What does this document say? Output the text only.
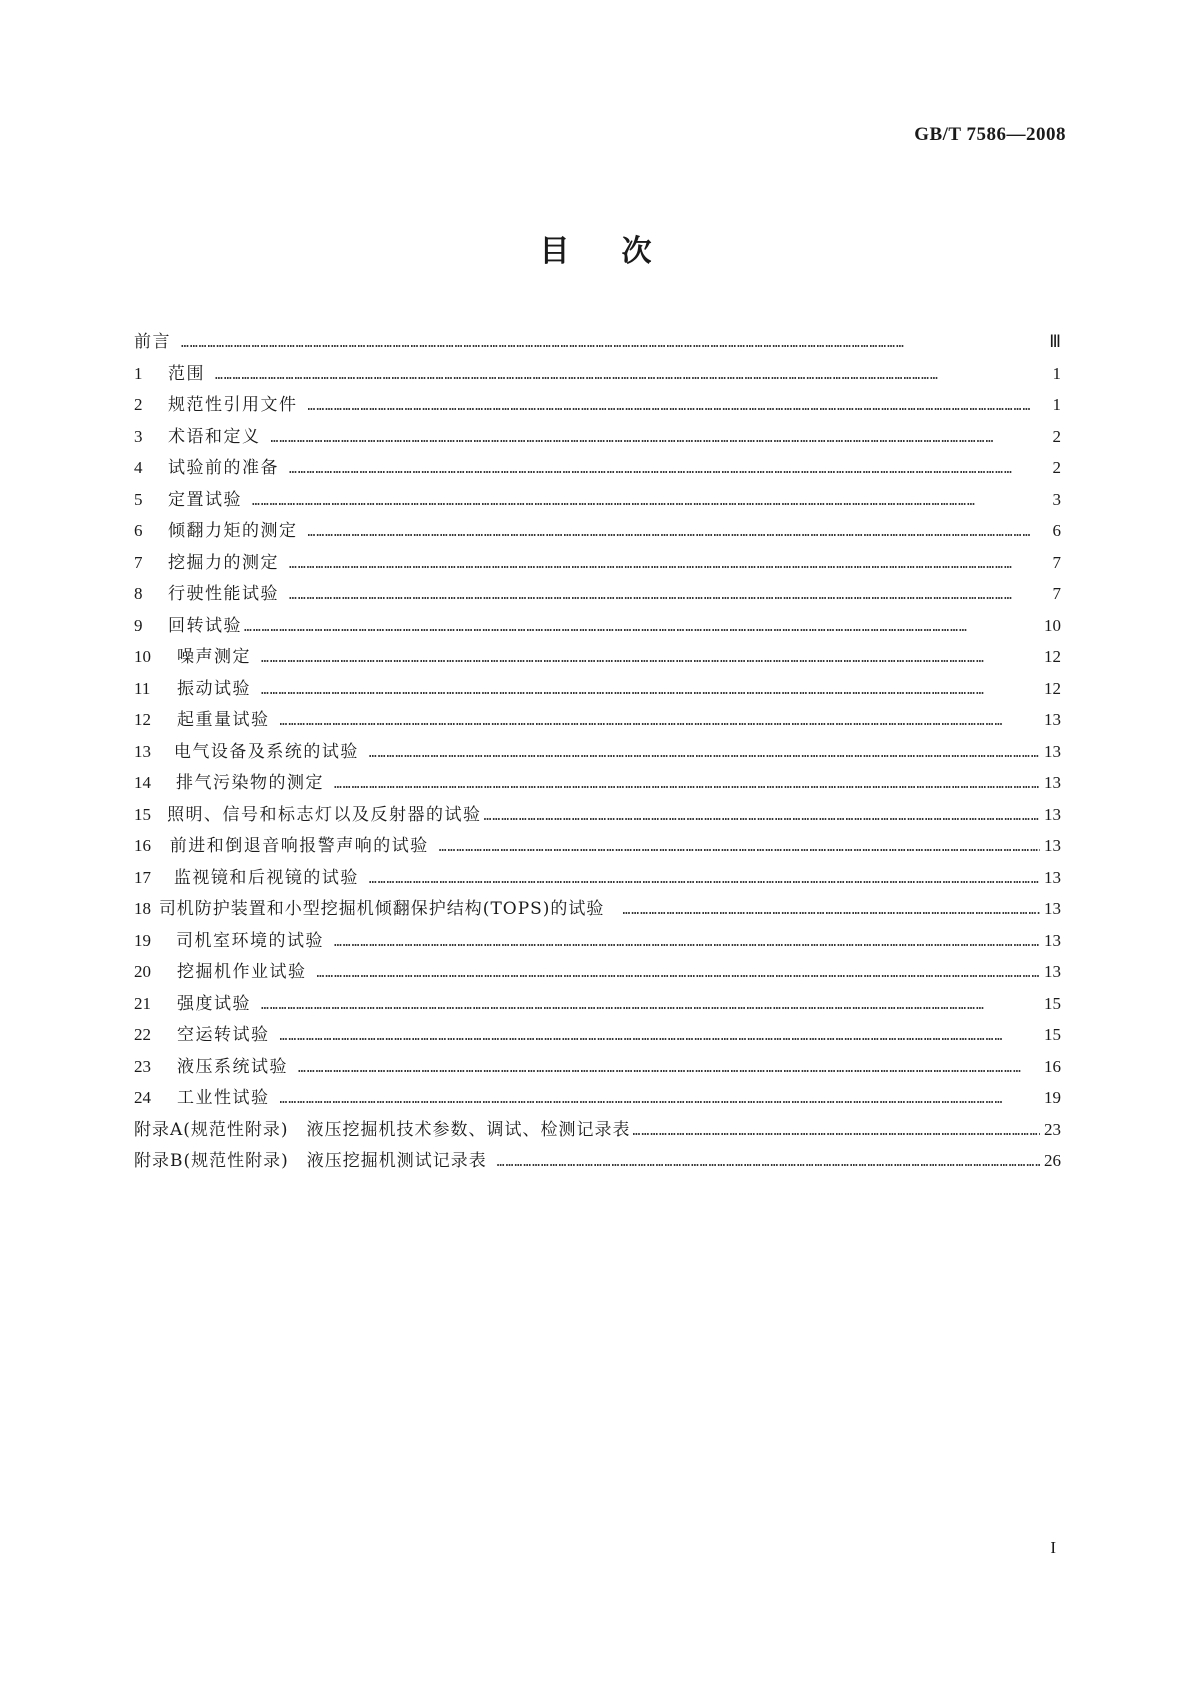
GB/T 7586—2008
目次
前言 …………………………………………………………………………………………………………………………………………………………………………………………………………………………	Ⅲ
1	范围 …………………………………………………………………………………………………………………………………………………………………………………………………………………………	1
2	规范性引用文件 …………………………………………………………………………………………………………………………………………………………………………………………………………………………	1
3	术语和定义 …………………………………………………………………………………………………………………………………………………………………………………………………………………………	2
4	试验前的准备 …………………………………………………………………………………………………………………………………………………………………………………………………………………………	2
5	定置试验 …………………………………………………………………………………………………………………………………………………………………………………………………………………………	3
6	倾翻力矩的测定 …………………………………………………………………………………………………………………………………………………………………………………………………………………………	6
7	挖掘力的测定 …………………………………………………………………………………………………………………………………………………………………………………………………………………………	7
8	行驶性能试验 …………………………………………………………………………………………………………………………………………………………………………………………………………………………	7
9	回转试验 …………………………………………………………………………………………………………………………………………………………………………………………………………………………	10
10	噪声测定 …………………………………………………………………………………………………………………………………………………………………………………………………………………………	12
11	振动试验 …………………………………………………………………………………………………………………………………………………………………………………………………………………………	12
12	起重量试验 …………………………………………………………………………………………………………………………………………………………………………………………………………………………	13
13	电气设备及系统的试验 …………………………………………………………………………………………………………………………………………………………………………………………………………………………	13
14	排气污染物的测定 …………………………………………………………………………………………………………………………………………………………………………………………………………………………	13
15 照明、信号和标志灯以及反射器的试验 …………………………………………………………………………………………………………………………………………………………………………………………………………………………	13
16	前进和倒退音响报警声响的试验 …………………………………………………………………………………………………………………………………………………………………………………………………………………………	13
17	监视镜和后视镜的试验 …………………………………………………………………………………………………………………………………………………………………………………………………………………………	13
18 司机防护装置和小型挖掘机倾翻保护结构(TOPS)的试验 …………………………………………………………………………………………………………………………………………………………………………………………………………………………	13
19	司机室环境的试验 …………………………………………………………………………………………………………………………………………………………………………………………………………………………	13
20	挖掘机作业试验 …………………………………………………………………………………………………………………………………………………………………………………………………………………………	13
21	强度试验 …………………………………………………………………………………………………………………………………………………………………………………………………………………………	15
22	空运转试验 …………………………………………………………………………………………………………………………………………………………………………………………………………………………	15
23	液压系统试验 …………………………………………………………………………………………………………………………………………………………………………………………………………………………	16
24	工业性试验 …………………………………………………………………………………………………………………………………………………………………………………………………………………………	19
附录A(规范性附录)　液压挖掘机技术参数、调试、检测记录表 …………………………………………………………………………………………………………………………………………………………………………………………………………………………	23
附录B(规范性附录)　液压挖掘机测试记录表 …………………………………………………………………………………………………………………………………………………………………………………………………………………………	26
I
